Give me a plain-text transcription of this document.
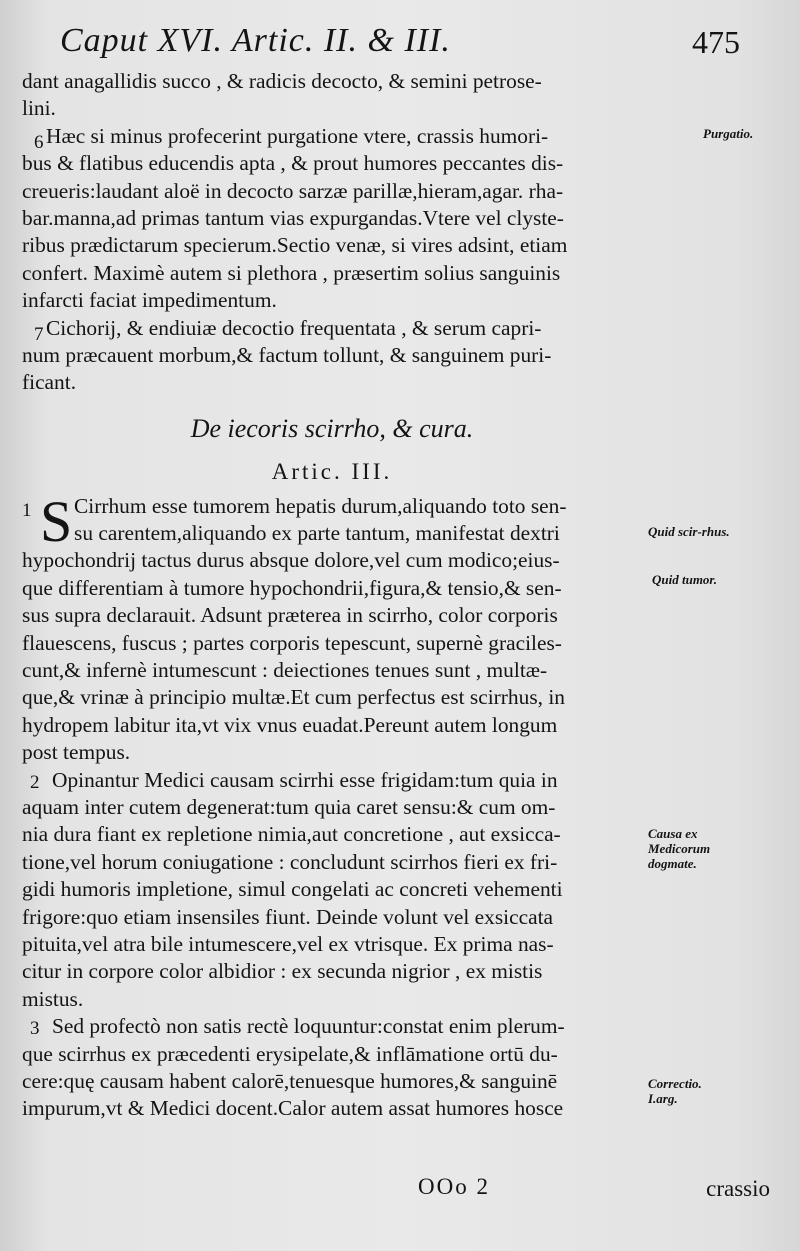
Caput XVI. Artic. II. & III.	475
dant anagallidis succo , & radicis decocto, & semini petrose-
lini.
6 Hæc si minus profecerint purgatione vtere, crassis humori-
bus & flatibus educendis apta , & prout humores peccantes dis-
creueris:laudant aloë in decocto sarzæ parillæ,hieram,agar. rha-
bar.manna,ad primas tantum vias expurgandas.Vtere vel clyste-
ribus prædictarum specierum.Sectio venæ, si vires adsint, etiam
confert. Maximè autem si plethora , præsertim solius sanguinis
infarcti faciat impedimentum.
7 Cichorij, & endiuiæ decoctio frequentata , & serum capri-
num præcauent morbum,& factum tollunt, & sanguinem puri-
ficant.
De iecoris scirrho, & cura.
Artic. III.
1 S Cirrhum esse tumorem hepatis durum,aliquando toto sen-
su carentem,aliquando ex parte tantum, manifestat dextri
hypochondrij tactus durus absque dolore,vel cum modico;eius-
que differentiam à tumore hypochondrii,figura,& tensio,& sen-
sus supra declarauit. Adsunt præterea in scirrho, color corporis
flauescens, fuscus ; partes corporis tepescunt, supernè graciles-
cunt,& infernè intumescunt : deiectiones tenues sunt , multæ-
que,& vrinæ à principio multæ.Et cum perfectus est scirrhus, in
hydropem labitur ita,vt vix vnus euadat.Pereunt autem longum
post tempus.
2 Opinantur Medici causam scirrhi esse frigidam:tum quia in
aquam inter cutem degenerat:tum quia caret sensu:& cum om-
nia dura fiant ex repletione nimia,aut concretione , aut exsicca-
tione,vel horum coniugatione : concludunt scirrhos fieri ex fri-
gidi humoris impletione, simul congelati ac concreti vehementi
frigore:quo etiam insensiles fiunt. Deinde volunt vel exsiccata
pituita,vel atra bile intumescere,vel ex vtrisque. Ex prima nas-
citur in corpore color albidior : ex secunda nigrior , ex mistis
mistus.
3 Sed profectò non satis rectè loquuntur:constat enim plerum-
que scirrhus ex præcedenti erysipelate,& inflāmatione ortū du-
cere:quę causam habent calorē,tenuesque humores,& sanguinē
impurum,vt & Medici docent.Calor autem assat humores hosce
Purgatio.
Quid scir-rhus.
Quid tumor.
Causa ex Medicorum dogmate.
Correctio. I.arg.
OOo 2	crassio
